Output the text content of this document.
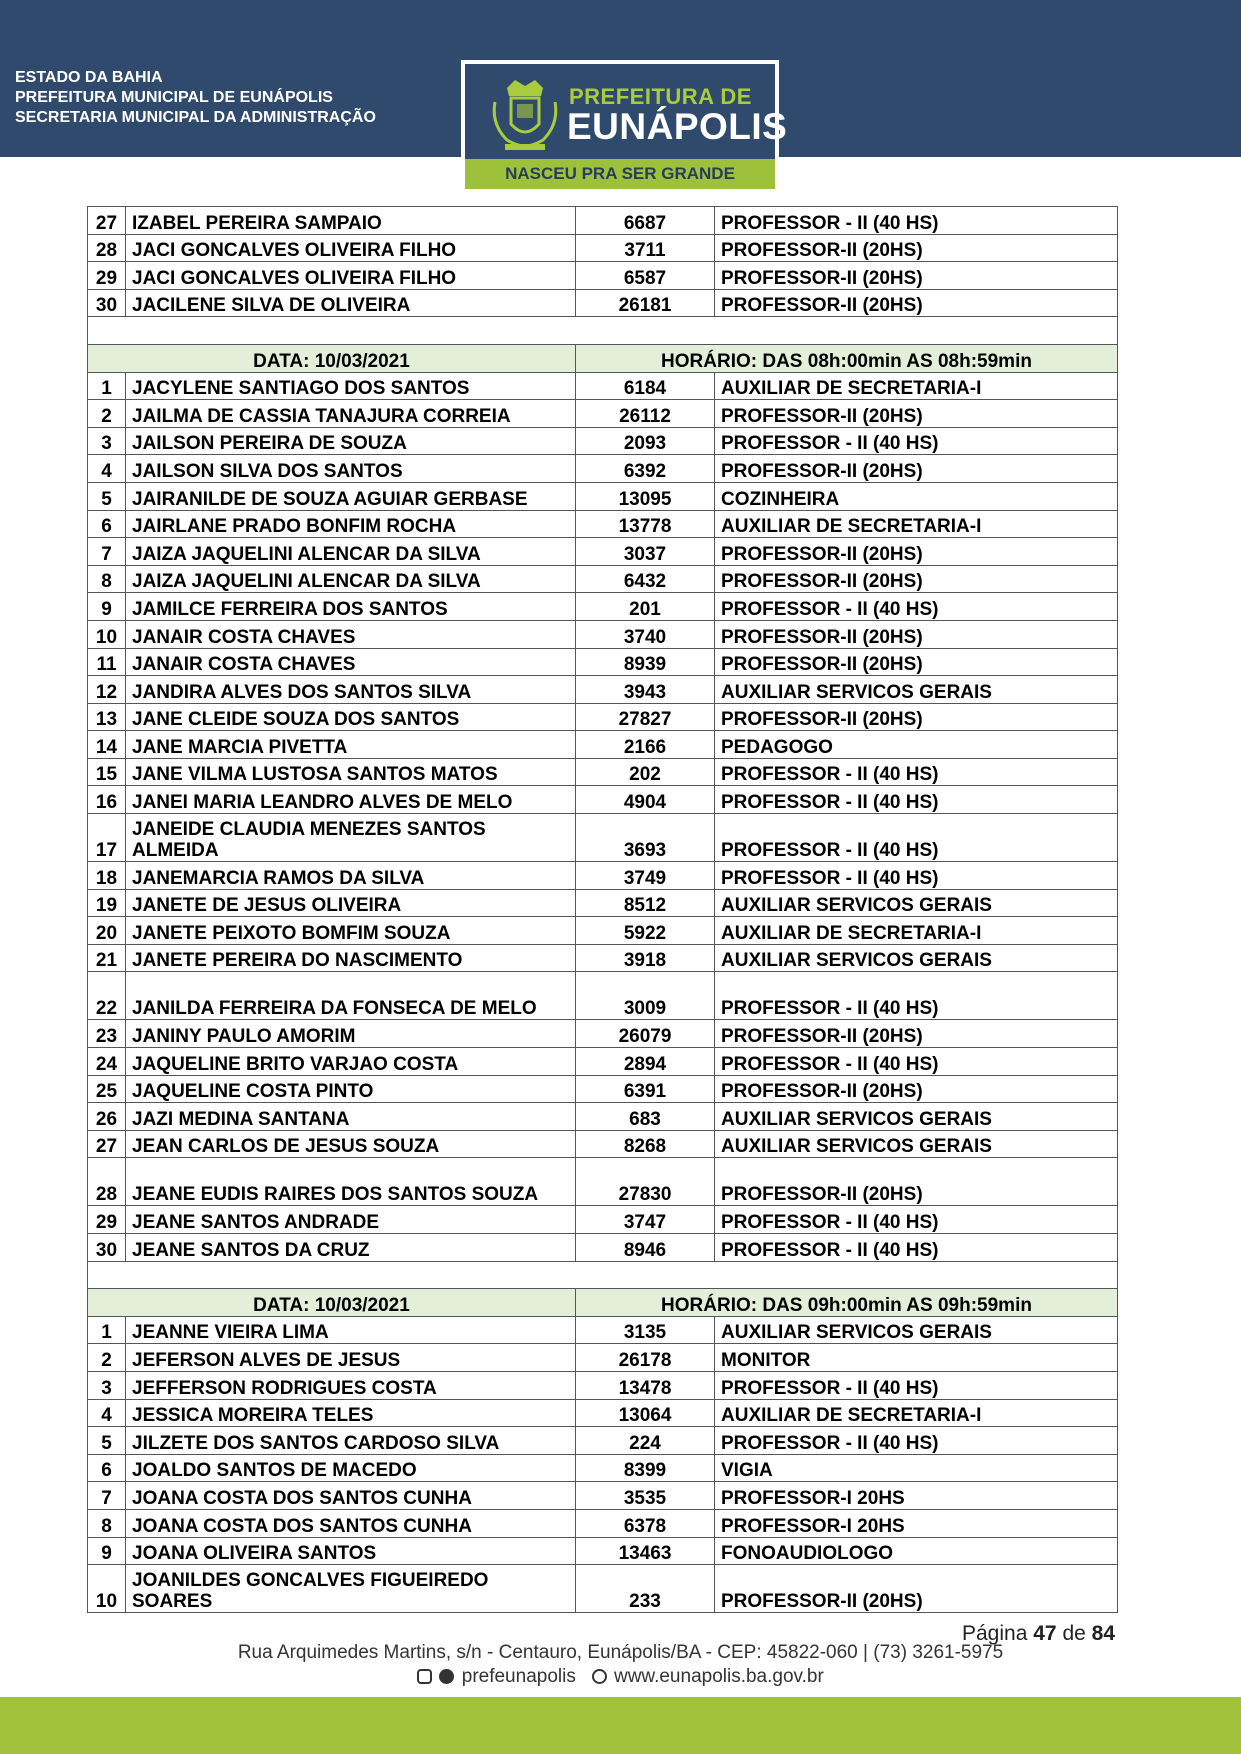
ESTADO DA BAHIA
PREFEITURA MUNICIPAL DE EUNÁPOLIS
SECRETARIA MUNICIPAL DA ADMINISTRAÇÃO
PREFEITURA DE
EUNÁPOLIS
NASCEU PRA SER GRANDE
27	IZABEL PEREIRA SAMPAIO	6687	PROFESSOR - II (40 HS)
28	JACI GONCALVES OLIVEIRA FILHO	3711	PROFESSOR-II (20HS)
29	JACI GONCALVES OLIVEIRA FILHO	6587	PROFESSOR-II (20HS)
30	JACILENE SILVA DE OLIVEIRA	26181	PROFESSOR-II (20HS)

DATA: 10/03/2021		HORÁRIO: DAS 08h:00min AS 08h:59min	
1	JACYLENE SANTIAGO DOS SANTOS	6184	AUXILIAR DE SECRETARIA-I
2	JAILMA DE CASSIA TANAJURA CORREIA	26112	PROFESSOR-II (20HS)
3	JAILSON PEREIRA DE SOUZA	2093	PROFESSOR - II (40 HS)
4	JAILSON SILVA DOS SANTOS	6392	PROFESSOR-II (20HS)
5	JAIRANILDE DE SOUZA AGUIAR GERBASE	13095	COZINHEIRA
6	JAIRLANE PRADO BONFIM ROCHA	13778	AUXILIAR DE SECRETARIA-I
7	JAIZA JAQUELINI ALENCAR DA SILVA	3037	PROFESSOR-II (20HS)
8	JAIZA JAQUELINI ALENCAR DA SILVA	6432	PROFESSOR-II (20HS)
9	JAMILCE FERREIRA DOS SANTOS	201	PROFESSOR - II (40 HS)
10	JANAIR COSTA CHAVES	3740	PROFESSOR-II (20HS)
11	JANAIR COSTA CHAVES	8939	PROFESSOR-II (20HS)
12	JANDIRA ALVES DOS SANTOS SILVA	3943	AUXILIAR SERVICOS GERAIS
13	JANE CLEIDE SOUZA DOS SANTOS	27827	PROFESSOR-II (20HS)
14	JANE MARCIA PIVETTA	2166	PEDAGOGO
15	JANE VILMA LUSTOSA SANTOS MATOS	202	PROFESSOR - II (40 HS)
16	JANEI MARIA LEANDRO ALVES DE MELO	4904	PROFESSOR - II (40 HS)
17	JANEIDE CLAUDIA MENEZES SANTOS ALMEIDA	3693	PROFESSOR - II (40 HS)
18	JANEMARCIA RAMOS DA SILVA	3749	PROFESSOR - II (40 HS)
19	JANETE DE JESUS OLIVEIRA	8512	AUXILIAR SERVICOS GERAIS
20	JANETE PEIXOTO BOMFIM SOUZA	5922	AUXILIAR DE SECRETARIA-I
21	JANETE PEREIRA DO NASCIMENTO	3918	AUXILIAR SERVICOS GERAIS
22	JANILDA FERREIRA DA FONSECA DE MELO	3009	PROFESSOR - II (40 HS)
23	JANINY PAULO AMORIM	26079	PROFESSOR-II (20HS)
24	JAQUELINE BRITO VARJAO COSTA	2894	PROFESSOR - II (40 HS)
25	JAQUELINE COSTA PINTO	6391	PROFESSOR-II (20HS)
26	JAZI MEDINA SANTANA	683	AUXILIAR SERVICOS GERAIS
27	JEAN CARLOS DE JESUS SOUZA	8268	AUXILIAR SERVICOS GERAIS
28	JEANE EUDIS RAIRES DOS SANTOS SOUZA	27830	PROFESSOR-II (20HS)
29	JEANE SANTOS ANDRADE	3747	PROFESSOR - II (40 HS)
30	JEANE SANTOS DA CRUZ	8946	PROFESSOR - II (40 HS)

DATA: 10/03/2021		HORÁRIO: DAS 09h:00min AS 09h:59min	
1	JEANNE VIEIRA LIMA	3135	AUXILIAR SERVICOS GERAIS
2	JEFERSON ALVES DE JESUS	26178	MONITOR
3	JEFFERSON RODRIGUES COSTA	13478	PROFESSOR - II (40 HS)
4	JESSICA MOREIRA TELES	13064	AUXILIAR DE SECRETARIA-I
5	JILZETE DOS SANTOS CARDOSO SILVA	224	PROFESSOR - II (40 HS)
6	JOALDO SANTOS DE MACEDO	8399	VIGIA
7	JOANA COSTA DOS SANTOS CUNHA	3535	PROFESSOR-I 20HS
8	JOANA COSTA DOS SANTOS CUNHA	6378	PROFESSOR-I 20HS
9	JOANA OLIVEIRA SANTOS	13463	FONOAUDIOLOGO
10	JOANILDES GONCALVES FIGUEIREDO SOARES	233	PROFESSOR-II (20HS)
Página 47 de 84
Rua Arquimedes Martins, s/n - Centauro, Eunápolis/BA - CEP: 45822-060 | (73) 3261-5975
prefeunapolis www.eunapolis.ba.gov.br
